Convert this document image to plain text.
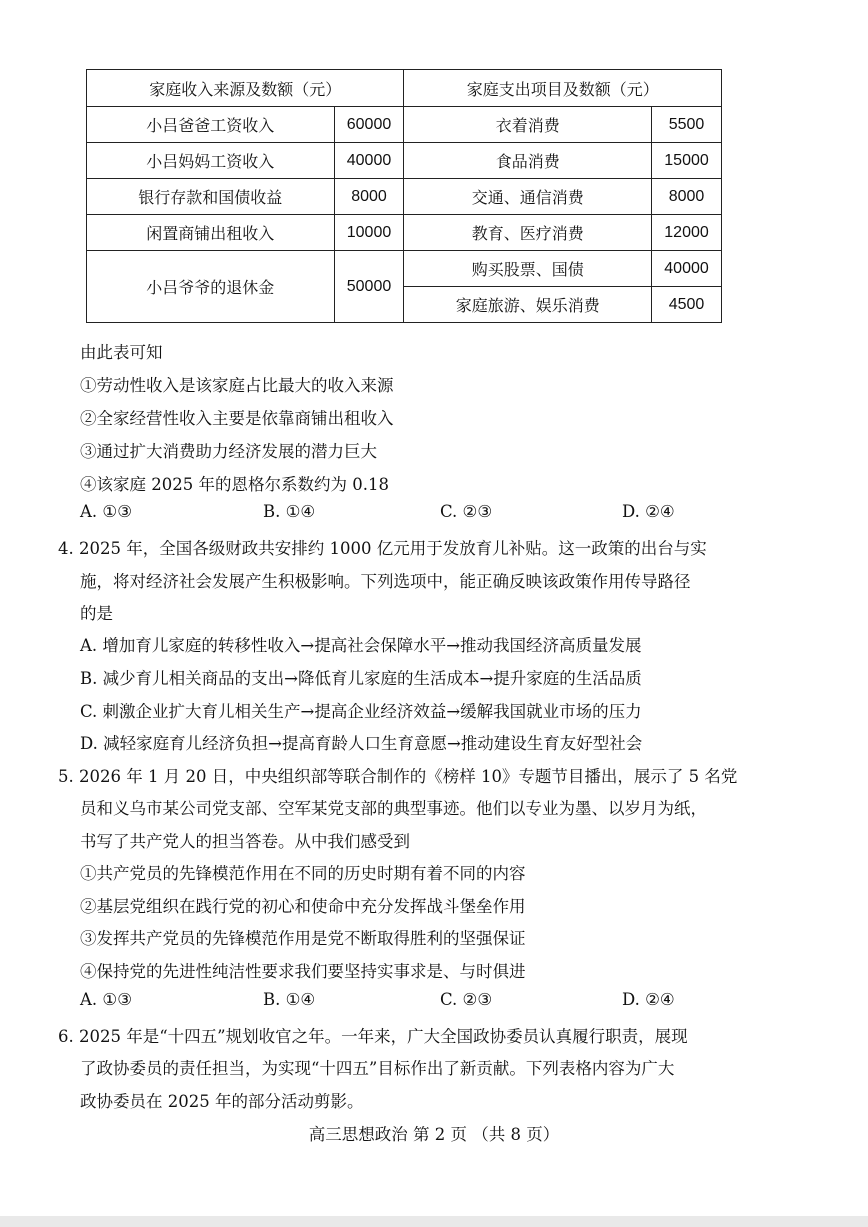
家庭收入来源及数额（元）		家庭支出项目及数额（元）	
小吕爸爸工资收入	60000	衣着消费	5500
小吕妈妈工资收入	40000	食品消费	15000
银行存款和国债收益	8000	交通、通信消费	8000
闲置商铺出租收入	10000	教育、医疗消费	12000
小吕爷爷的退休金	50000	购买股票、国债	40000
		家庭旅游、娱乐消费	4500
由此表可知
①劳动性收入是该家庭占比最大的收入来源
②全家经营性收入主要是依靠商铺出租收入
③通过扩大消费助力经济发展的潜力巨大
④该家庭 2025 年的恩格尔系数约为 0.18
A. ①③	B. ①④	C. ②③	D. ②④
4. 2025 年，全国各级财政共安排约 1000 亿元用于发放育儿补贴。这一政策的出台与实
施，将对经济社会发展产生积极影响。下列选项中，能正确反映该政策作用传导路径
的是
A. 增加育儿家庭的转移性收入→提高社会保障水平→推动我国经济高质量发展
B. 减少育儿相关商品的支出→降低育儿家庭的生活成本→提升家庭的生活品质
C. 刺激企业扩大育儿相关生产→提高企业经济效益→缓解我国就业市场的压力
D. 减轻家庭育儿经济负担→提高育龄人口生育意愿→推动建设生育友好型社会
5. 2026 年 1 月 20 日，中央组织部等联合制作的《榜样 10》专题节目播出，展示了 5 名党
员和义乌市某公司党支部、空军某党支部的典型事迹。他们以专业为墨、以岁月为纸，
书写了共产党人的担当答卷。从中我们感受到
①共产党员的先锋模范作用在不同的历史时期有着不同的内容
②基层党组织在践行党的初心和使命中充分发挥战斗堡垒作用
③发挥共产党员的先锋模范作用是党不断取得胜利的坚强保证
④保持党的先进性纯洁性要求我们要坚持实事求是、与时俱进
A. ①③	B. ①④	C. ②③	D. ②④
6. 2025 年是“十四五”规划收官之年。一年来，广大全国政协委员认真履行职责，展现
了政协委员的责任担当，为实现“十四五”目标作出了新贡献。下列表格内容为广大
政协委员在 2025 年的部分活动剪影。
高三思想政治 第 2 页 （共 8 页）
